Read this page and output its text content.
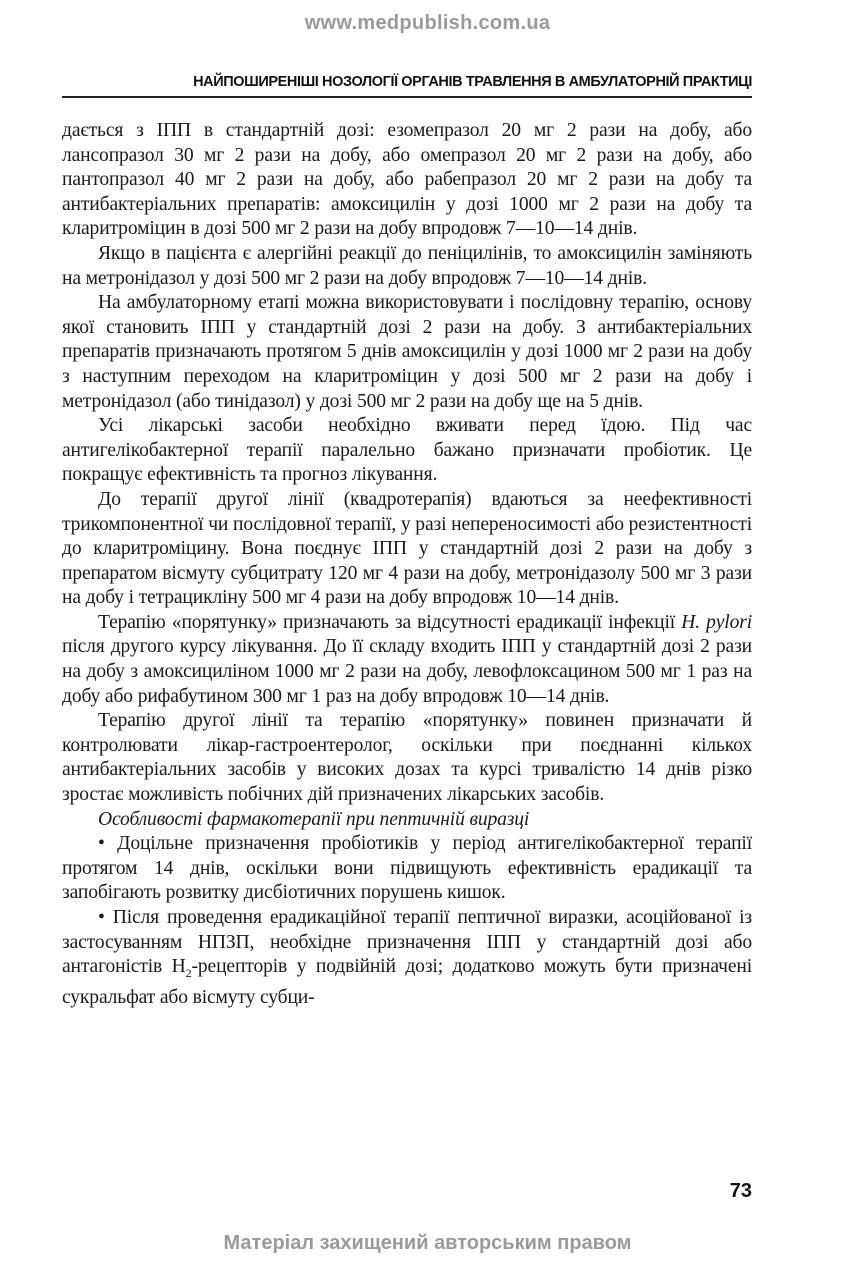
www.medpublish.com.ua
НАЙПОШИРЕНІШІ НОЗОЛОГІЇ ОРГАНІВ ТРАВЛЕННЯ В АМБУЛАТОРНІЙ ПРАКТИЦІ

дається з ІПП в стандартній дозі: езомепразол 20 мг 2 рази на добу, або лансопразол 30 мг 2 рази на добу, або омепразол 20 мг 2 рази на добу, або пантопразол 40 мг 2 рази на добу, або рабепразол 20 мг 2 рази на добу та антибактеріальних препаратів: амоксицилін у дозі 1000 мг 2 рази на добу та кларитроміцин в дозі 500 мг 2 рази на добу впродовж 7—10—14 днів.

Якщо в пацієнта є алергійні реакції до пеніцилінів, то амоксицилін заміняють на метронідазол у дозі 500 мг 2 рази на добу впродовж 7—10—14 днів.

На амбулаторному етапі можна використовувати і послідовну терапію, основу якої становить ІПП у стандартній дозі 2 рази на добу. З антибактеріальних препаратів призначають протягом 5 днів амоксицилін у дозі 1000 мг 2 рази на добу з наступним переходом на кларитроміцин у дозі 500 мг 2 рази на добу і метронідазол (або тинідазол) у дозі 500 мг 2 рази на добу ще на 5 днів.

Усі лікарські засоби необхідно вживати перед їдою. Під час антигелікобактерної терапії паралельно бажано призначати пробіотик. Це покращує ефективність та прогноз лікування.

До терапії другої лінії (квадротерапія) вдаються за неефективності трикомпонентної чи послідовної терапії, у разі непереносимості або резистентності до кларитроміцину. Вона поєднує ІПП у стандартній дозі 2 рази на добу з препаратом вісмуту субцитрату 120 мг 4 рази на добу, метронідазолу 500 мг 3 рази на добу і тетрацикліну 500 мг 4 рази на добу впродовж 10—14 днів.

Терапію «порятунку» призначають за відсутності ерадикації інфекції H. pylori після другого курсу лікування. До її складу входить ІПП у стандартній дозі 2 рази на добу з амоксициліном 1000 мг 2 рази на добу, левофлоксацином 500 мг 1 раз на добу або рифабутином 300 мг 1 раз на добу впродовж 10—14 днів.

Терапію другої лінії та терапію «порятунку» повинен призначати й контролювати лікар-гастроентеролог, оскільки при поєднанні кількох антибактеріальних засобів у високих дозах та курсі тривалістю 14 днів різко зростає можливість побічних дій призначених лікарських засобів.

Особливості фармакотерапії при пептичній виразці

• Доцільне призначення пробіотиків у період антигелікобактерної терапії протягом 14 днів, оскільки вони підвищують ефективність ерадикації та запобігають розвитку дисбіотичних порушень кишок.

• Після проведення ерадикаційної терапії пептичної виразки, асоційованої із застосуванням НПЗП, необхідне призначення ІПП у стандартній дозі або антагоністів $Н_2$-рецепторів у подвійній дозі; додатково можуть бути призначені сукральфат або вісмуту субци-

73
Матеріал захищений авторським правом
